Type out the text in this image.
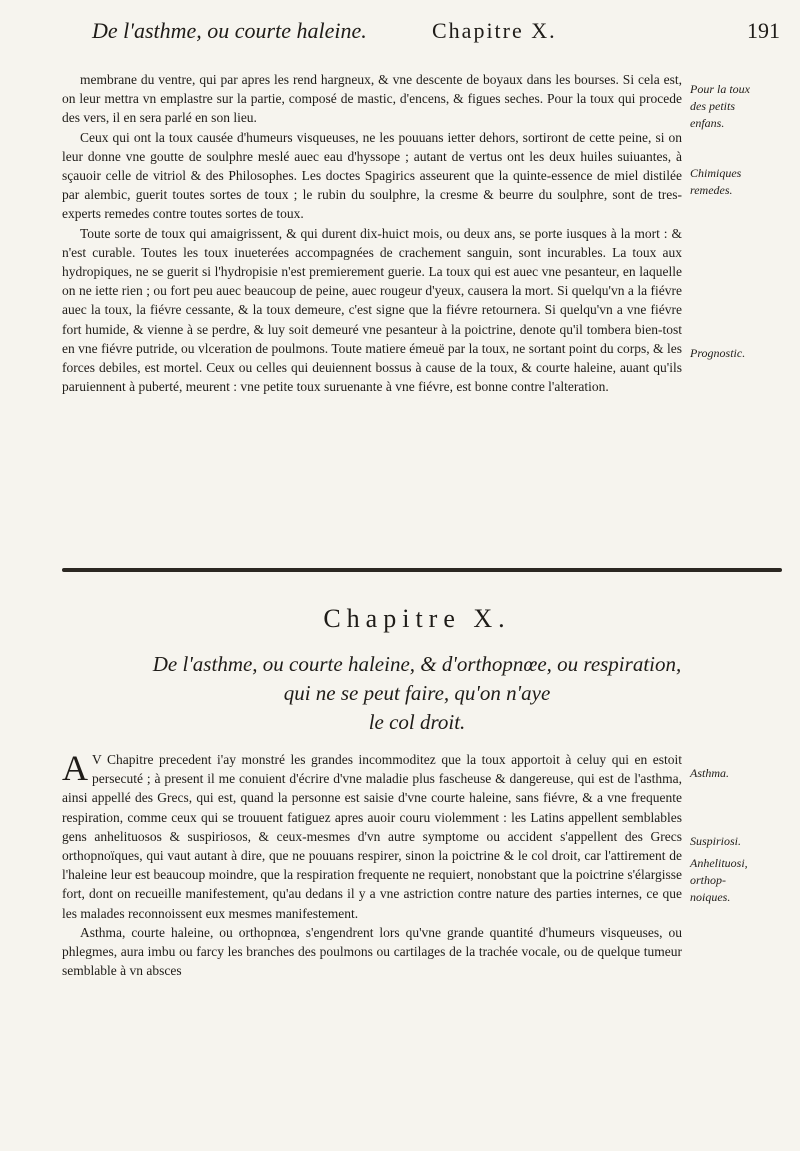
De l'asthme, ou courte haleine.	Chapitre X.	191

membrane du ventre, qui par apres les rend hargneux, & vne descente de boyaux dans les bourses. Si cela est, on leur mettra vn emplastre sur la partie, composé de mastic, d'encens, & figues seches. Pour la toux qui procede des vers, il en sera parlé en son lieu.

Ceux qui ont la toux causée d'humeurs visqueuses, ne les pouuans ietter dehors, sortiront de cette peine, si on leur donne vne goutte de soulphre meslé auec eau d'hyssope ; autant de vertus ont les deux huiles suiuantes, à sçauoir celle de vitriol & des Philosophes. Les doctes Spagirics asseurent que la quinte-essence de miel distilée par alembic, guerit toutes sortes de toux ; le rubin du soulphre, la cresme & beurre du soulphre, sont de tres-experts remedes contre toutes sortes de toux.

Toute sorte de toux qui amaigrissent, & qui durent dix-huict mois, ou deux ans, se porte iusques à la mort : & n'est curable. Toutes les toux inueterées accompagnées de crachement sanguin, sont incurables. La toux aux hydropiques, ne se guerit si l'hydropisie n'est premierement guerie. La toux qui est auec vne pesanteur, en laquelle on ne iette rien ; ou fort peu auec beaucoup de peine, auec rougeur d'yeux, causera la mort. Si quelqu'vn a la fiévre auec la toux, la fiévre cessante, & la toux demeure, c'est signe que la fiévre retournera. Si quelqu'vn a vne fiévre fort humide, & vienne à se perdre, & luy soit demeuré vne pesanteur à la poictrine, denote qu'il tombera bien-tost en vne fiévre putride, ou vlceration de poulmons. Toute matiere émeuë par la toux, ne sortant point du corps, & les forces debiles, est mortel. Ceux ou celles qui deuiennent bossus à cause de la toux, & courte haleine, auant qu'ils paruiennent à puberté, meurent : vne petite toux suruenante à vne fiévre, est bonne contre l'alteration.

Chapitre X.
De l'asthme, ou courte haleine, & d'orthopnœe, ou respiration,
qui ne se peut faire, qu'on n'aye
le col droit.

A V Chapitre precedent i'ay monstré les grandes incommoditez que la toux apportoit à celuy qui en estoit persecuté ; à present il me conuient d'écrire d'vne maladie plus fascheuse & dangereuse, qui est de l'asthma, ainsi appellé des Grecs, qui est, quand la personne est saisie d'vne courte haleine, sans fiévre, & a vne frequente respiration, comme ceux qui se trouuent fatiguez apres auoir couru violemment : les Latins appellent semblables gens anhelituosos & suspiriosos, & ceux-mesmes d'vn autre symptome ou accident s'appellent des Grecs orthopnoïques, qui vaut autant à dire, que ne pouuans respirer, sinon la poictrine & le col droit, car l'attirement de l'haleine leur est beaucoup moindre, que la respiration frequente ne requiert, nonobstant que la poictrine s'élargisse fort, dont on recueille manifestement, qu'au dedans il y a vne astriction contre nature des parties internes, ce que les malades reconnoissent eux mesmes manifestement.

Asthma, courte haleine, ou orthopnœa, s'engendrent lors qu'vne grande quantité d'humeurs visqueuses, ou phlegmes, aura imbu ou farcy les branches des poulmons ou cartilages de la trachée vocale, ou de quelque tumeur semblable à vn absces

Pour la toux
des petits
enfans.
Chimiques
remedes.
Prognostic.
Asthma.
Suspiriosi.
Anhelituosi,
orthop-
noiques.
